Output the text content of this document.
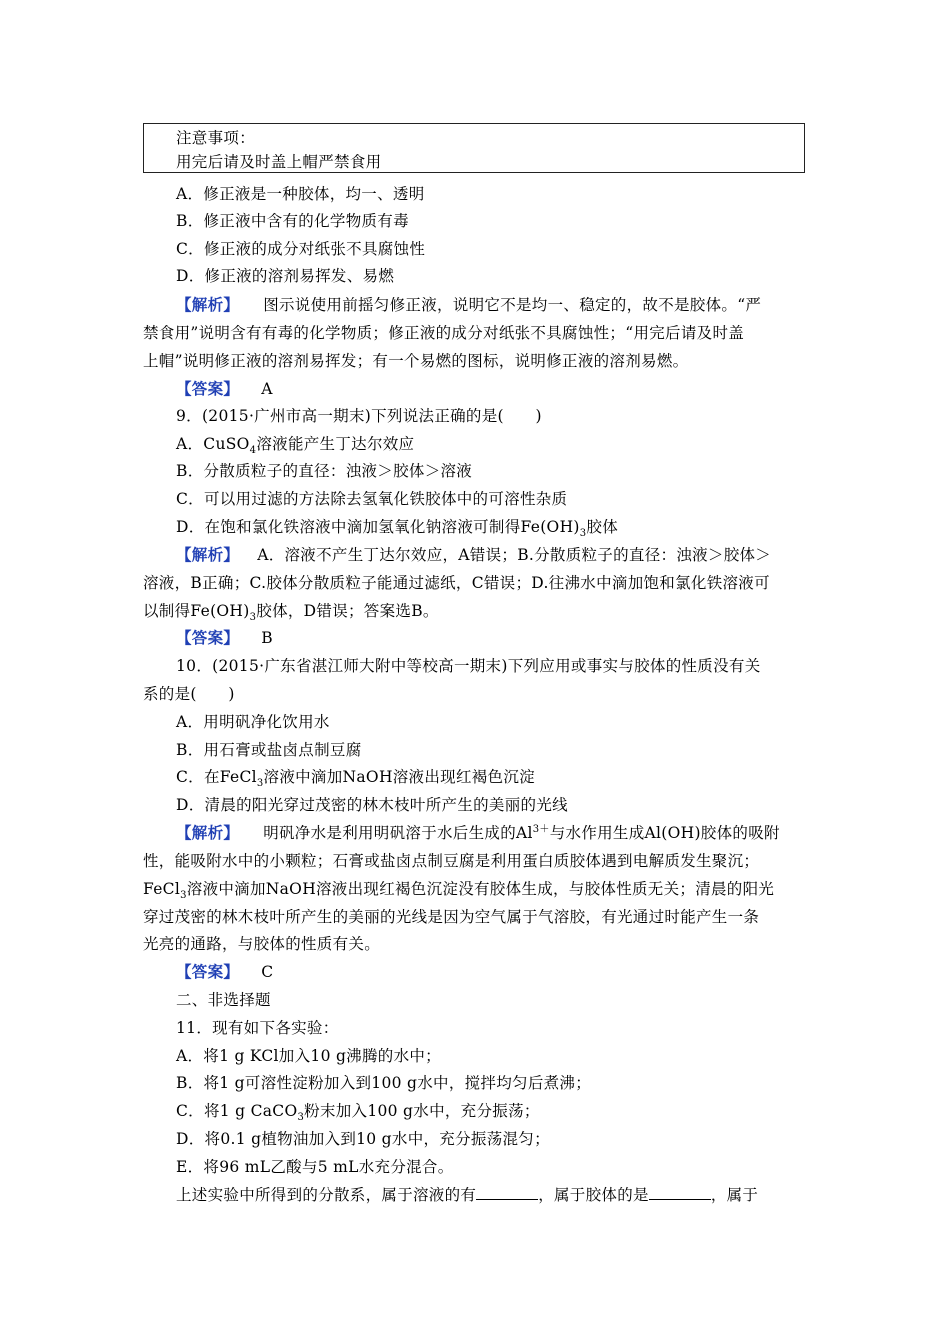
注意事项：
用完后请及时盖上帽严禁食用
A．修正液是一种胶体，均一、透明
B．修正液中含有的化学物质有毒
C．修正液的成分对纸张不具腐蚀性
D．修正液的溶剂易挥发、易燃
【解析】 图示说使用前摇匀修正液，说明它不是均一、稳定的，故不是胶体。“严
禁食用”说明含有有毒的化学物质；修正液的成分对纸张不具腐蚀性；“用完后请及时盖
上帽”说明修正液的溶剂易挥发；有一个易燃的图标，说明修正液的溶剂易燃。
【答案】 A
9．(2015·广州市高一期末)下列说法正确的是(　　)
A．CuSO$_4$溶液能产生丁达尔效应
B．分散质粒子的直径：浊液＞胶体＞溶液
C．可以用过滤的方法除去氢氧化铁胶体中的可溶性杂质
D．在饱和氯化铁溶液中滴加氢氧化钠溶液可制得$Fe(OH)_3$胶体
【解析】 A．溶液不产生丁达尔效应，A错误；B.分散质粒子的直径：浊液＞胶体＞
溶液，B正确；C.胶体分散质粒子能通过滤纸，C错误；D.往沸水中滴加饱和氯化铁溶液可
以制得$Fe(OH)_3$胶体，D错误；答案选B。
【答案】 B
10．(2015·广东省湛江师大附中等校高一期末)下列应用或事实与胶体的性质没有关
系的是(　　)
A．用明矾净化饮用水
B．用石膏或盐卤点制豆腐
C．在FeCl$_3$溶液中滴加NaOH溶液出现红褐色沉淀
D．清晨的阳光穿过茂密的林木枝叶所产生的美丽的光线
【解析】 明矾净水是利用明矾溶于水后生成的$Al^{3+}$与水作用生成Al(OH)胶体的吸附
性，能吸附水中的小颗粒；石膏或盐卤点制豆腐是利用蛋白质胶体遇到电解质发生聚沉；
FeCl$_3$溶液中滴加NaOH溶液出现红褐色沉淀没有胶体生成，与胶体性质无关；清晨的阳光
穿过茂密的林木枝叶所产生的美丽的光线是因为空气属于气溶胶，有光通过时能产生一条
光亮的通路，与胶体的性质有关。
【答案】 C
二、非选择题
11．现有如下各实验：
A．将1 g KCl加入10 g沸腾的水中；
B．将1 g可溶性淀粉加入到100 g水中，搅拌均匀后煮沸；
C．将1 g CaCO$_3$粉末加入100 g水中，充分振荡；
D．将0.1 g植物油加入到10 g水中，充分振荡混匀；
E．将96 mL乙酸与5 mL水充分混合。
上述实验中所得到的分散系，属于溶液的有	，属于胶体的是	，属于
